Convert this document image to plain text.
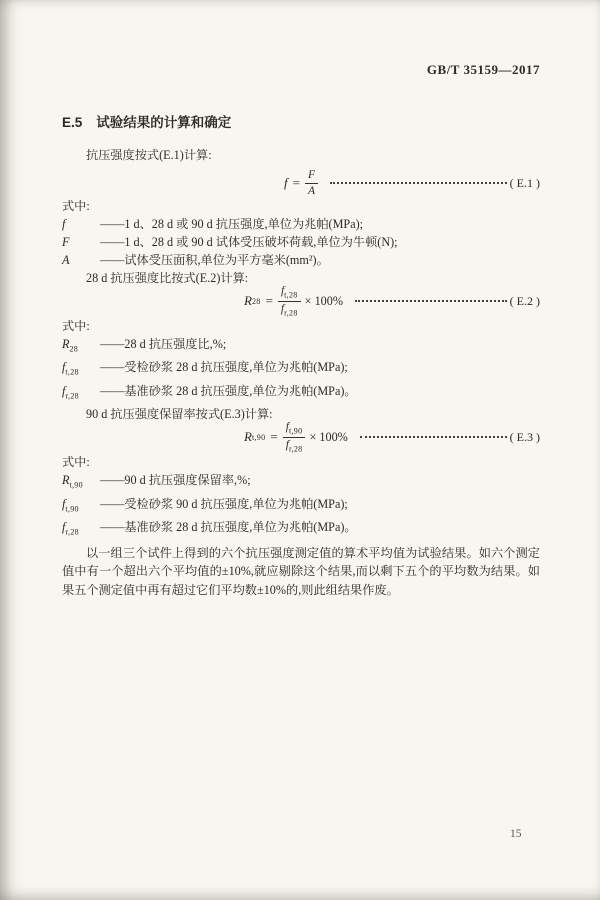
GB/T 35159—2017
E.5 试验结果的计算和确定

抗压强度按式(E.1)计算:

$f = \frac{F}{A}$	( E.1 )

式中:

f	——1 d、28 d 或 90 d 抗压强度,单位为兆帕(MPa);

F	——1 d、28 d 或 90 d 试体受压破坏荷载,单位为牛顿(N);

A	——试体受压面积,单位为平方毫米(mm²)。

28 d 抗压强度比按式(E.2)计算:

R $28 = \frac{f_{t,28}}{f_{r,28}} \times 100\%$	( E.2 )

式中:

$R_{28}$ ——28 d 抗压强度比,%;

$f_{t,28}$ ——受检砂浆 28 d 抗压强度,单位为兆帕(MPa);

$f_{r,28}$ ——基准砂浆 28 d 抗压强度,单位为兆帕(MPa)。

90 d 抗压强度保留率按式(E.3)计算:

R $t,90 = \frac{f_{t,90}}{f_{r,28}} \times 100\%$	( E.3 )

式中:

$R_{t,90}$ ——90 d 抗压强度保留率,%;

$f_{t,90}$ ——受检砂浆 90 d 抗压强度,单位为兆帕(MPa);

$f_{r,28}$ ——基准砂浆 28 d 抗压强度,单位为兆帕(MPa)。

以一组三个试件上得到的六个抗压强度测定值的算术平均值为试验结果。如六个测定值中有一个超出六个平均值的±10%,就应剔除这个结果,而以剩下五个的平均数为结果。如果五个测定值中再有超过它们平均数±10%的,则此组结果作废。

15
